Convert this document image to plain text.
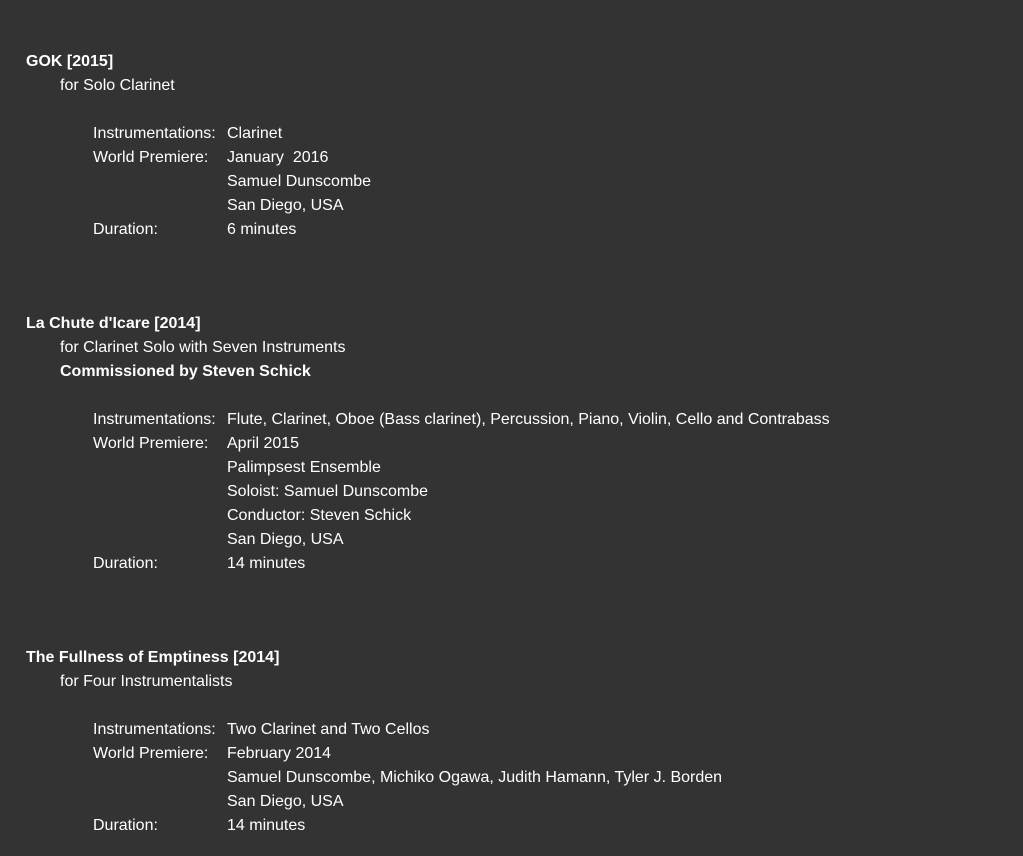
GOK [2015]
for Solo Clarinet
Instrumentations: Clarinet
World Premiere:	January  2016
Samuel Dunscombe
San Diego, USA
Duration:	6 minutes
La Chute d'Icare [2014]
for Clarinet Solo with Seven Instruments
Commissioned by Steven Schick
Instrumentations: Flute, Clarinet, Oboe (Bass clarinet), Percussion, Piano, Violin, Cello and Contrabass
World Premiere:	April 2015
Palimpsest Ensemble
Soloist: Samuel Dunscombe
Conductor: Steven Schick
San Diego, USA
Duration:	14 minutes
The Fullness of Emptiness [2014]
for Four Instrumentalists
Instrumentations: Two Clarinet and Two Cellos
World Premiere:	February 2014
Samuel Dunscombe, Michiko Ogawa, Judith Hamann, Tyler J. Borden
San Diego, USA
Duration:	14 minutes
